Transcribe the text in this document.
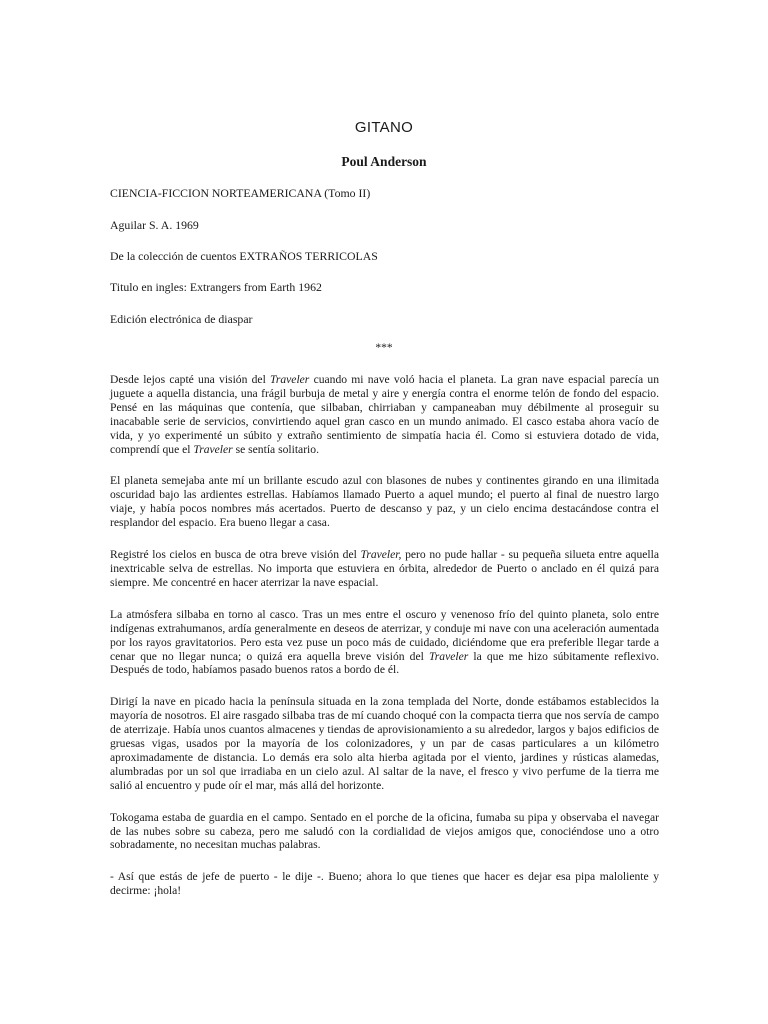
GITANO
Poul Anderson

CIENCIA-FICCION NORTEAMERICANA (Tomo II)

Aguilar S. A. 1969

De la colección de cuentos EXTRAÑOS TERRICOLAS

Titulo en ingles: Extrangers from Earth 1962

Edición electrónica de diaspar

***

Desde lejos capté una visión del Traveler cuando mi nave voló hacia el planeta. La gran nave espacial parecía un juguete a aquella distancia, una frágil burbuja de metal y aire y energía contra el enorme telón de fondo del espacio. Pensé en las máquinas que contenía, que silbaban, chirriaban y campaneaban muy débilmente al proseguir su inacabable serie de servicios, convirtiendo aquel gran casco en un mundo animado. El casco estaba ahora vacío de vida, y yo experimenté un súbito y extraño sentimiento de simpatía hacia él. Como si estuviera dotado de vida, comprendí que el Traveler se sentía solitario.

El planeta semejaba ante mí un brillante escudo azul con blasones de nubes y continentes girando en una ilimitada oscuridad bajo las ardientes estrellas. Habíamos llamado Puerto a aquel mundo; el puerto al final de nuestro largo viaje, y había pocos nombres más acertados. Puerto de descanso y paz, y un cielo encima destacándose contra el resplandor del espacio. Era bueno llegar a casa.

Registré los cielos en busca de otra breve visión del Traveler, pero no pude hallar - su pequeña silueta entre aquella inextricable selva de estrellas. No importa que estuviera en órbita, alrededor de Puerto o anclado en él quizá para siempre. Me concentré en hacer aterrizar la nave espacial.

La atmósfera silbaba en torno al casco. Tras un mes entre el oscuro y venenoso frío del quinto planeta, solo entre indígenas extrahumanos, ardía generalmente en deseos de aterrizar, y conduje mi nave con una aceleración aumentada por los rayos gravitatorios. Pero esta vez puse un poco más de cuidado, diciéndome que era preferible llegar tarde a cenar que no llegar nunca; o quizá era aquella breve visión del Traveler la que me hizo súbitamente reflexivo. Después de todo, habíamos pasado buenos ratos a bordo de él.

Dirigí la nave en picado hacia la península situada en la zona templada del Norte, donde estábamos establecidos la mayoría de nosotros. El aire rasgado silbaba tras de mí cuando choqué con la compacta tierra que nos servía de campo de aterrizaje. Había unos cuantos almacenes y tiendas de aprovisionamiento a su alrededor, largos y bajos edificios de gruesas vigas, usados por la mayoría de los colonizadores, y un par de casas particulares a un kilómetro aproximadamente de distancia. Lo demás era solo alta hierba agitada por el viento, jardines y rústicas alamedas, alumbradas por un sol que irradiaba en un cielo azul. Al saltar de la nave, el fresco y vivo perfume de la tierra me salió al encuentro y pude oír el mar, más allá del horizonte.

Tokogama estaba de guardia en el campo. Sentado en el porche de la oficina, fumaba su pipa y observaba el navegar de las nubes sobre su cabeza, pero me saludó con la cordialidad de viejos amigos que, conociéndose uno a otro sobradamente, no necesitan muchas palabras.

- Así que estás de jefe de puerto - le dije -. Bueno; ahora lo que tienes que hacer es dejar esa pipa maloliente y decirme: ¡hola!
